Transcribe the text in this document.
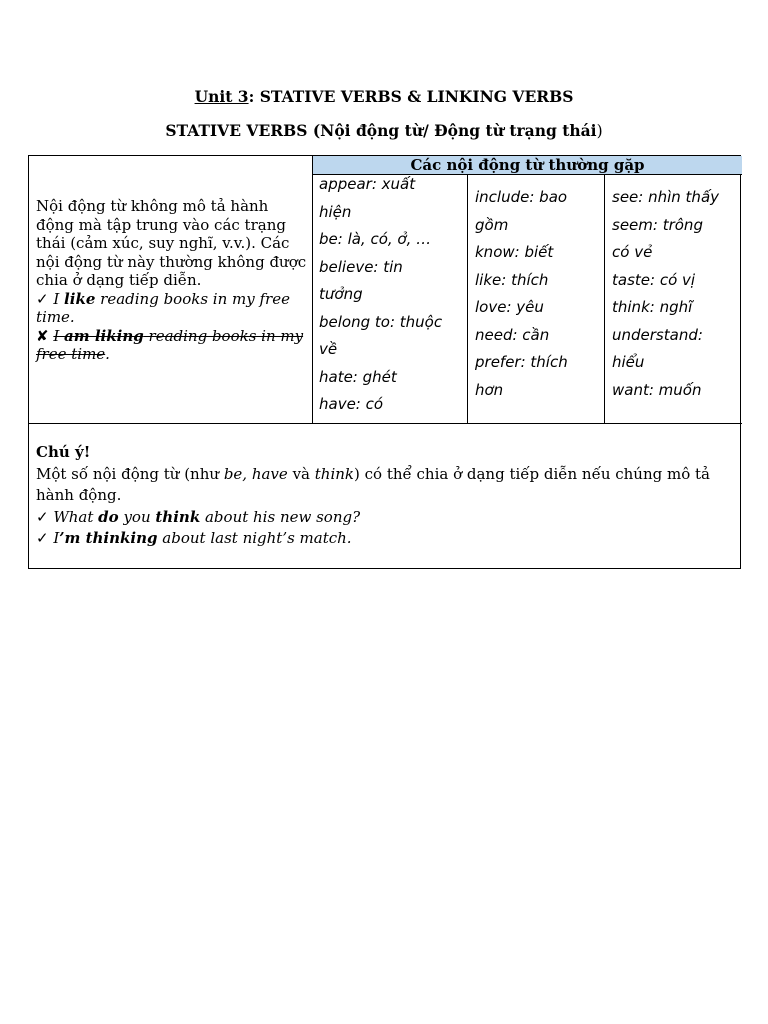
Unit 3: STATIVE VERBS & LINKING VERBS
STATIVE VERBS (Nội động từ/ Động từ trạng thái)
Các nội động từ thường gặp

Nội động từ không mô tả hành động mà tập trung vào các trạng thái (cảm xúc, suy nghĩ, v.v.). Các nội động từ này thường không được chia ở dạng tiếp diễn.

✓ I like reading books in my free time.

✘ I am liking reading books in my free time.

appear: xuất
hiện
be: là, có, ở, …
believe: tin
tưởng
belong to: thuộc
về
hate: ghét
have: có
include: bao
gồm
know: biết
like: thích
love: yêu
need: cần
prefer: thích
hơn
see: nhìn thấy
seem: trông
có vẻ
taste: có vị
think: nghĩ
understand:
hiểu
want: muốn

Chú ý!

Một số nội động từ (như be, have và think) có thể chia ở dạng tiếp diễn nếu chúng mô tả hành động.

✓ What do you think about his new song?

✓ I’m thinking about last night’s match.
